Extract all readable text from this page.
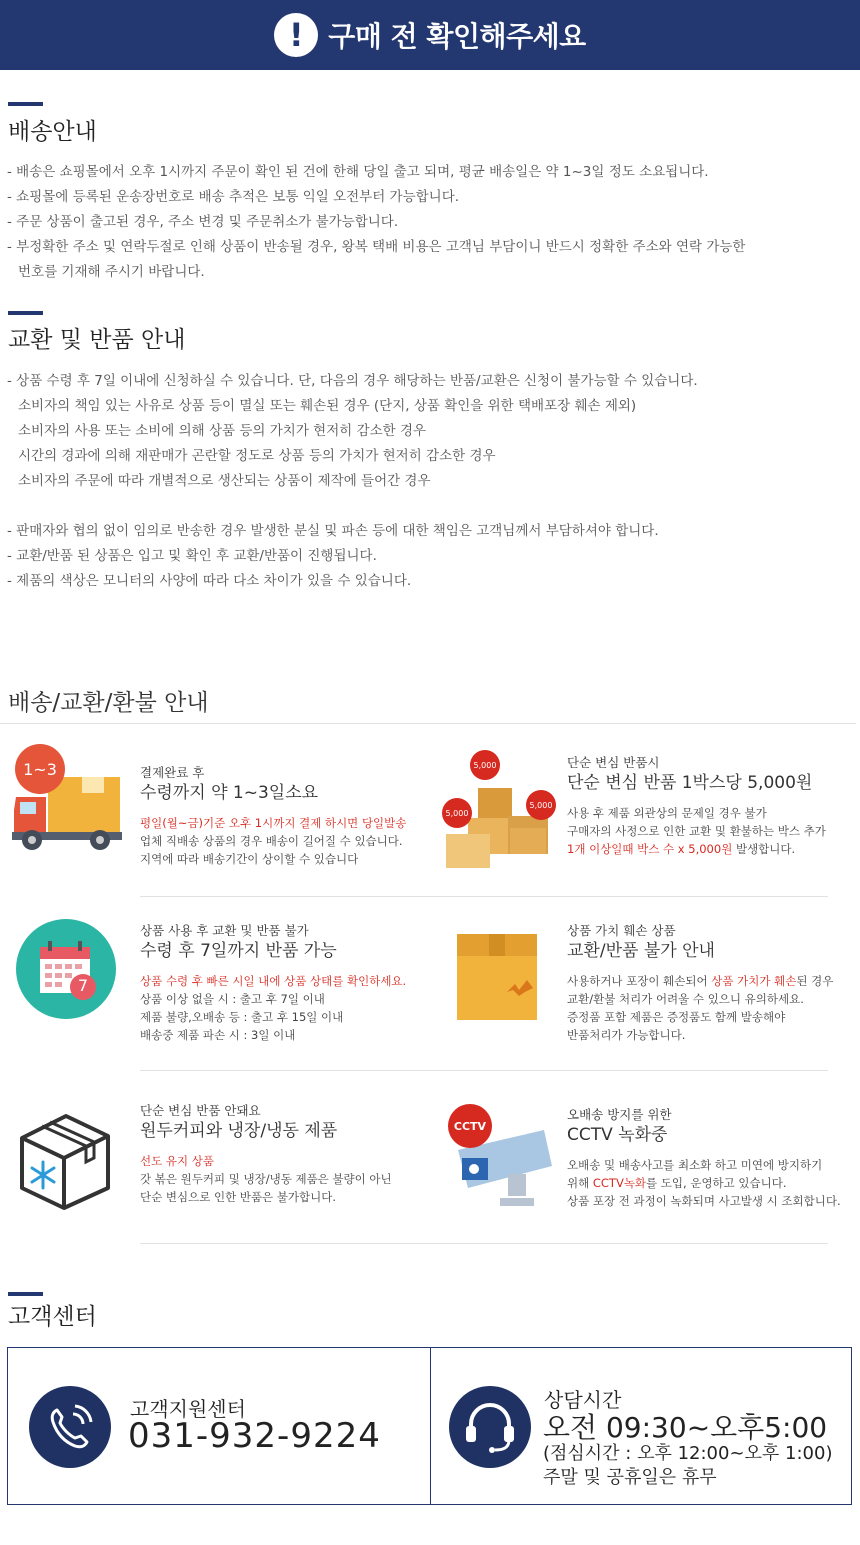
! 구매 전 확인해주세요
배송안내
- 배송은 쇼핑몰에서 오후 1시까지 주문이 확인 된 건에 한해 당일 출고 되며, 평균 배송일은 약 1~3일 정도 소요됩니다.
- 쇼핑몰에 등록된 운송장번호로 배송 추적은 보통 익일 오전부터 가능합니다.
- 주문 상품이 출고된 경우, 주소 변경 및 주문취소가 불가능합니다.
- 부정확한 주소 및 연락두절로 인해 상품이 반송될 경우, 왕복 택배 비용은 고객님 부담이니 반드시 정확한 주소와 연락 가능한
번호를 기재해 주시기 바랍니다.
교환 및 반품 안내
- 상품 수령 후 7일 이내에 신청하실 수 있습니다. 단, 다음의 경우 해당하는 반품/교환은 신청이 불가능할 수 있습니다.
소비자의 책임 있는 사유로 상품 등이 멸실 또는 훼손된 경우 (단지, 상품 확인을 위한 택배포장 훼손 제외)
소비자의 사용 또는 소비에 의해 상품 등의 가치가 현저히 감소한 경우
시간의 경과에 의해 재판매가 곤란할 정도로 상품 등의 가치가 현저히 감소한 경우
소비자의 주문에 따라 개별적으로 생산되는 상품이 제작에 들어간 경우
- 판매자와 협의 없이 임의로 반송한 경우 발생한 분실 및 파손 등에 대한 책임은 고객님께서 부담하셔야 합니다.
- 교환/반품 된 상품은 입고 및 확인 후 교환/반품이 진행됩니다.
- 제품의 색상은 모니터의 사양에 따라 다소 차이가 있을 수 있습니다.
배송/교환/환불 안내
1~3	결제완료 후
수령까지 약 1~3일소요
평일(월~금)기준 오후 1시까지 결제 하시면 당일발송
업체 직배송 상품의 경우 배송이 길어질 수 있습니다.
지역에 따라 배송기간이 상이할 수 있습니다
5,000
5,000
5,000
단순 변심 반품시
단순 변심 반품 1박스당 5,000원
사용 후 제품 외관상의 문제일 경우 불가
구매자의 사정으로 인한 교환 및 환불하는 박스 추가
1개 이상일때 박스 수 x 5,000원 발생합니다.
7
상품 사용 후 교환 및 반품 불가
수령 후 7일까지 반품 가능
상품 수령 후 빠른 시일 내에 상품 상태를 확인하세요.
상품 이상 없을 시 : 출고 후 7일 이내
제품 불량,오배송 등 : 출고 후 15일 이내
배송중 제품 파손 시 : 3일 이내
상품 가치 훼손 상품
교환/반품 불가 안내
사용하거나 포장이 훼손되어 상품 가치가 훼손된 경우
교환/환불 처리가 어려울 수 있으니 유의하세요.
증정품 포함 제품은 증정품도 함께 발송해야
반품처리가 가능합니다.
단순 변심 반품 안돼요
원두커피와 냉장/냉동 제품
선도 유지 상품
갓 볶은 원두커피 및 냉장/냉동 제품은 불량이 아닌
단순 변심으로 인한 반품은 불가합니다.
CCTV
오배송 방지를 위한
CCTV 녹화중
오배송 및 배송사고를 최소화 하고 미연에 방지하기
위해 CCTV녹화를 도입, 운영하고 있습니다.
상품 포장 전 과정이 녹화되며 사고발생 시 조회합니다.
고객센터
고객지원센터
031-932-9224
상담시간
오전 09:30~오후5:00
(점심시간 : 오후 12:00~오후 1:00)
주말 및 공휴일은 휴무
